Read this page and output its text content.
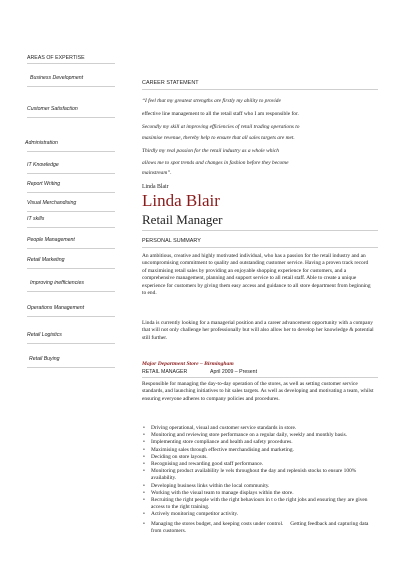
AREAS OF EXPERTISE
Business Development
Customer Satisfaction
Administration
IT Knowledge
Report Writing
Visual Merchandising
IT skills
People Management
Retail Marketing
Improving inefficiencies
Operations Management
Retail Logistics
Retail Buying
CAREER STATEMENT
“I feel that my greatest strengths are firstly my ability to provide
effective line management to all the retail staff who I am responsible for.
Secondly my skill at improving efficiencies of retail trading operations to
maximise revenue, thereby help to ensure that all sales targets are met.
Thirdly my real passion for the retail industry as a whole which
allows me to spot trends and changes in fashion before they become
mainstream”.
Linda Blair
Linda Blair
Retail Manager
PERSONAL SUMMARY
An ambitious, creative and highly motivated individual, who has a passion for the retail industry and an uncompromising commitment to quality and outstanding customer service. Having a proven track record of maximising retail sales by providing an enjoyable shopping experience for customers, and a comprehensive management, planning and support service to all retail staff. Able to create a unique experience for customers by giving them easy access and guidance to all store department from beginning to end.
Linda is currently looking for a managerial position and a career advancement opportunity with a company that will not only challenge her professionally but will also allow her to develop her knowledge & potential still further.
Major Department Store – Birmingham
RETAIL MANAGER	April 2009 – Present
Responsible for managing the day-to-day operation of the stores, as well as setting customer service standards, and launching initiatives to hit sales targets. As well as developing and motivating a team, whilst ensuring everyone adheres to company policies and procedures.
• Driving operational, visual and customer service standards in store.
• Monitoring and reviewing store performance on a regular daily, weekly and monthly basis.
• Implementing store compliance and health and safety procedures.
• Maximising sales through effective merchandising and marketing.
• Deciding on store layouts.
• Recognising and rewarding good staff performance.
• Monitoring product availability le vels throughout the day and replenish stocks to ensure 100% availability.
• Developing business links within the local community.
• Working with the visual team to manage displays within the store.
• Recruiting the right people with the right behaviours in t o the right jobs and ensuring they are given access to the right training.
• Actively monitoring competitor activity.
• Managing the stores budget, and keeping costs under control. Getting feedback and capturing data from customers.
